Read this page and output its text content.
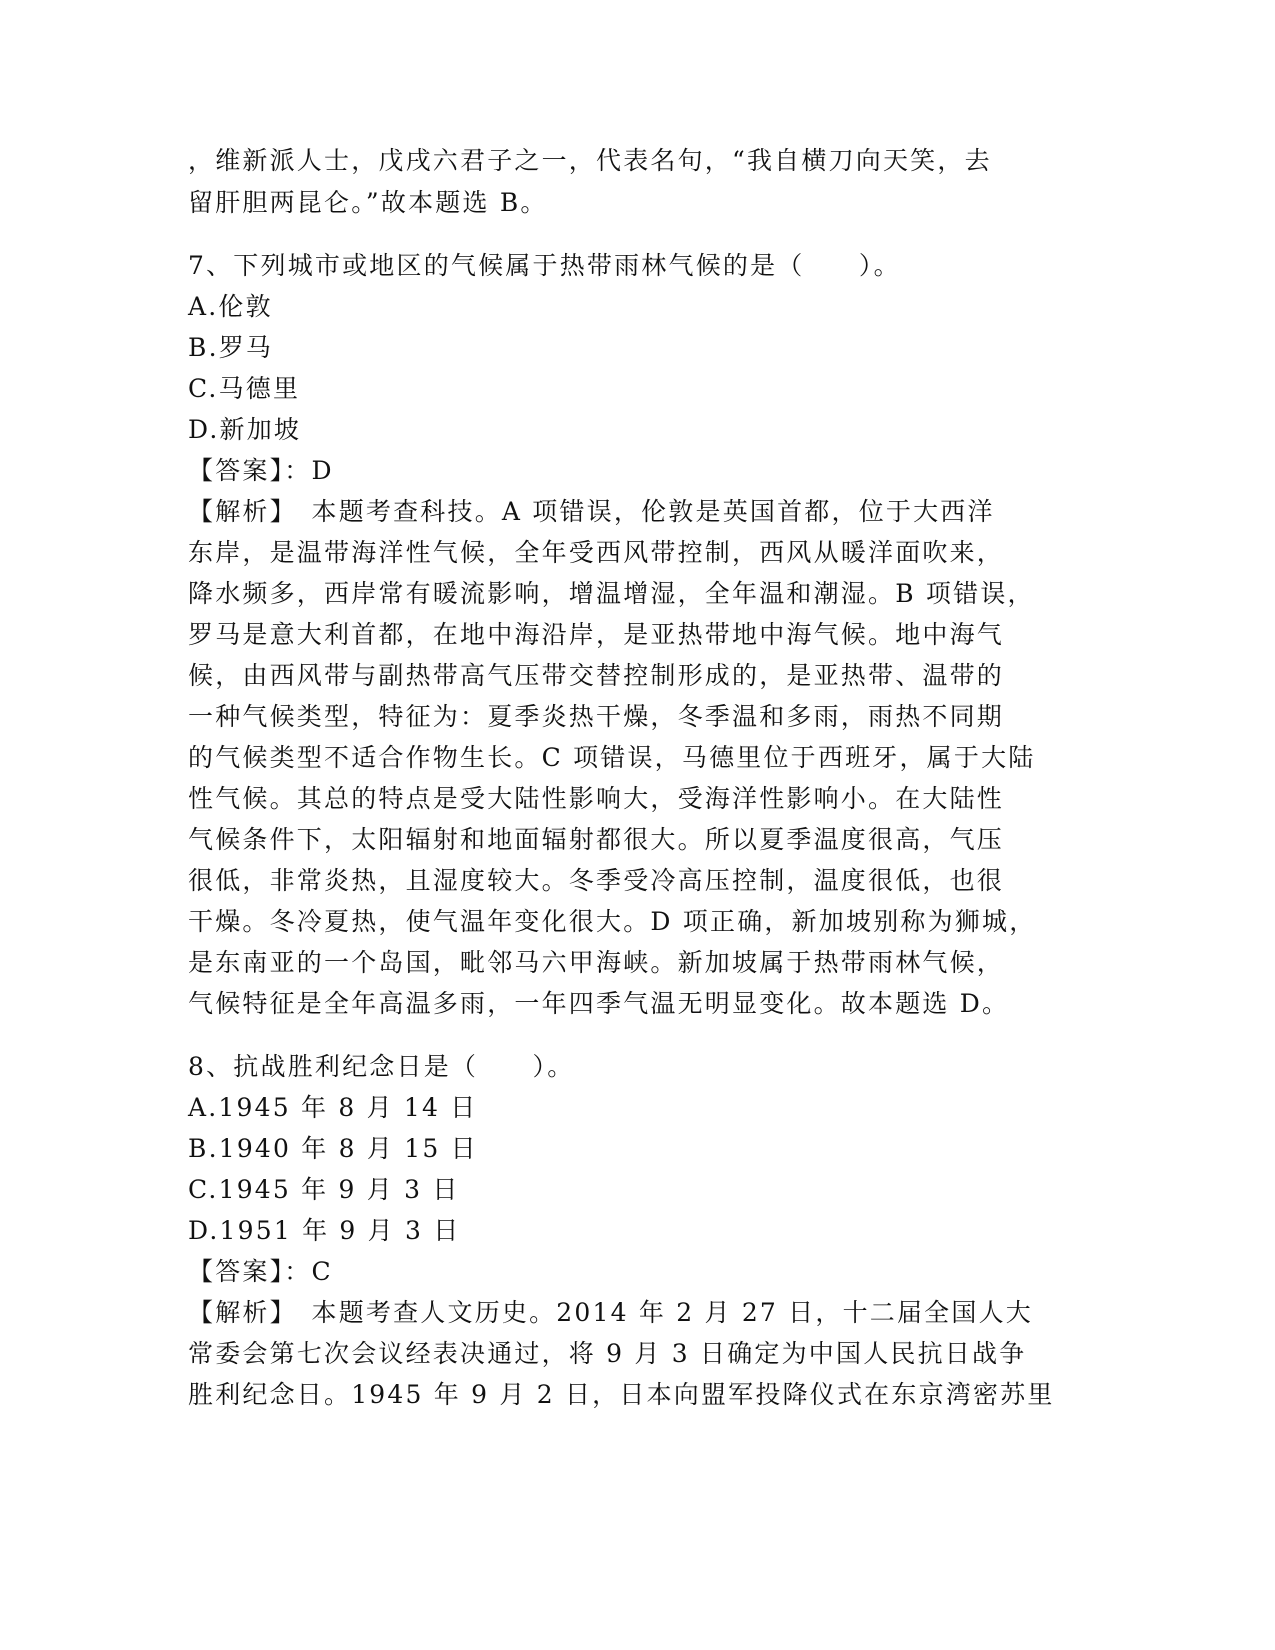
，维新派人士，戊戌六君子之一，代表名句，“我自横刀向天笑，去
留肝胆两昆仑。”故本题选 B。
7、下列城市或地区的气候属于热带雨林气候的是（　　）。
A.伦敦
B.罗马
C.马德里
D.新加坡
【答案】：D
【解析】　本题考查科技。A 项错误，伦敦是英国首都，位于大西洋
东岸，是温带海洋性气候，全年受西风带控制，西风从暖洋面吹来，
降水频多，西岸常有暖流影响，增温增湿，全年温和潮湿。B 项错误，
罗马是意大利首都，在地中海沿岸，是亚热带地中海气候。地中海气
候，由西风带与副热带高气压带交替控制形成的，是亚热带、温带的
一种气候类型，特征为：夏季炎热干燥，冬季温和多雨，雨热不同期
的气候类型不适合作物生长。C 项错误，马德里位于西班牙，属于大陆
性气候。其总的特点是受大陆性影响大，受海洋性影响小。在大陆性
气候条件下，太阳辐射和地面辐射都很大。所以夏季温度很高，气压
很低，非常炎热，且湿度较大。冬季受冷高压控制，温度很低，也很
干燥。冬冷夏热，使气温年变化很大。D 项正确，新加坡别称为狮城，
是东南亚的一个岛国，毗邻马六甲海峡。新加坡属于热带雨林气候，
气候特征是全年高温多雨，一年四季气温无明显变化。故本题选 D。
8、抗战胜利纪念日是（　　）。
A.1945 年 8 月 14 日
B.1940 年 8 月 15 日
C.1945 年 9 月 3 日
D.1951 年 9 月 3 日
【答案】：C
【解析】　本题考查人文历史。2014 年 2 月 27 日，十二届全国人大
常委会第七次会议经表决通过，将 9 月 3 日确定为中国人民抗日战争
胜利纪念日。1945 年 9 月 2 日，日本向盟军投降仪式在东京湾密苏里
